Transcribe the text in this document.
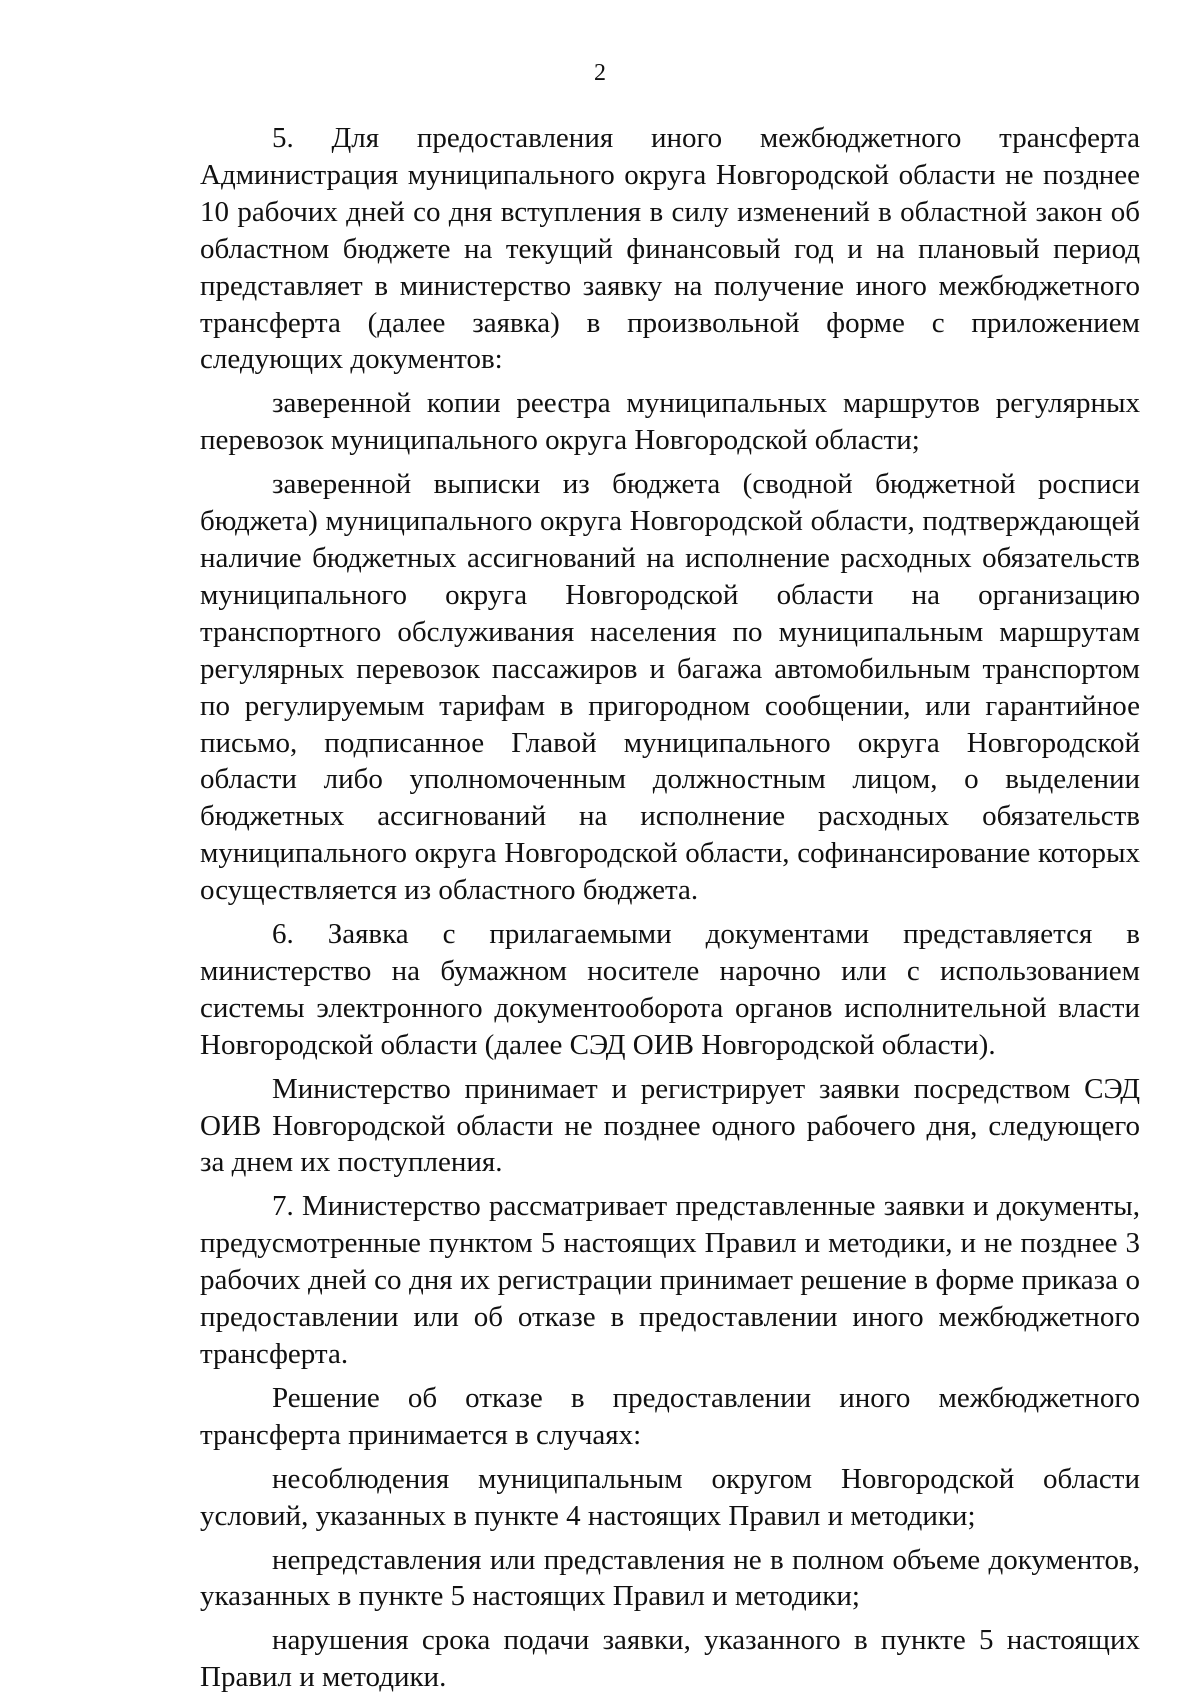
2

5. Для предоставления иного межбюджетного трансферта Администрация муниципального округа Новгородской области не позднее 10 рабочих дней со дня вступления в силу изменений в областной закон об областном бюджете на текущий финансовый год и на плановый период представляет в министерство заявку на получение иного межбюджетного трансферта (далее заявка) в произвольной форме с приложением следующих документов:

заверенной копии реестра муниципальных маршрутов регулярных перевозок муниципального округа Новгородской области;

заверенной выписки из бюджета (сводной бюджетной росписи бюджета) муниципального округа Новгородской области, подтверждающей наличие бюджетных ассигнований на исполнение расходных обязательств муниципального округа Новгородской области на организацию транспортного обслуживания населения по муниципальным маршрутам регулярных перевозок пассажиров и багажа автомобильным транспортом по регулируемым тарифам в пригородном сообщении, или гарантийное письмо, подписанное Главой муниципального округа Новгородской области либо уполномоченным должностным лицом, о выделении бюджетных ассигнований на исполнение расходных обязательств муниципального округа Новгородской области, софинансирование которых осуществляется из областного бюджета.

6. Заявка с прилагаемыми документами представляется в министерство на бумажном носителе нарочно или с использованием системы электронного документооборота органов исполнительной власти Новгородской области (далее СЭД ОИВ Новгородской области).

Министерство принимает и регистрирует заявки посредством СЭД ОИВ Новгородской области не позднее одного рабочего дня, следующего за днем их поступления.

7. Министерство рассматривает представленные заявки и документы, предусмотренные пунктом 5 настоящих Правил и методики, и не позднее 3 рабочих дней со дня их регистрации принимает решение в форме приказа о предоставлении или об отказе в предоставлении иного межбюджетного трансферта.

Решение об отказе в предоставлении иного межбюджетного трансферта принимается в случаях:

несоблюдения муниципальным округом Новгородской области условий, указанных в пункте 4 настоящих Правил и методики;

непредставления или представления не в полном объеме документов, указанных в пункте 5 настоящих Правил и методики;

нарушения срока подачи заявки, указанного в пункте 5 настоящих Правил и методики.
